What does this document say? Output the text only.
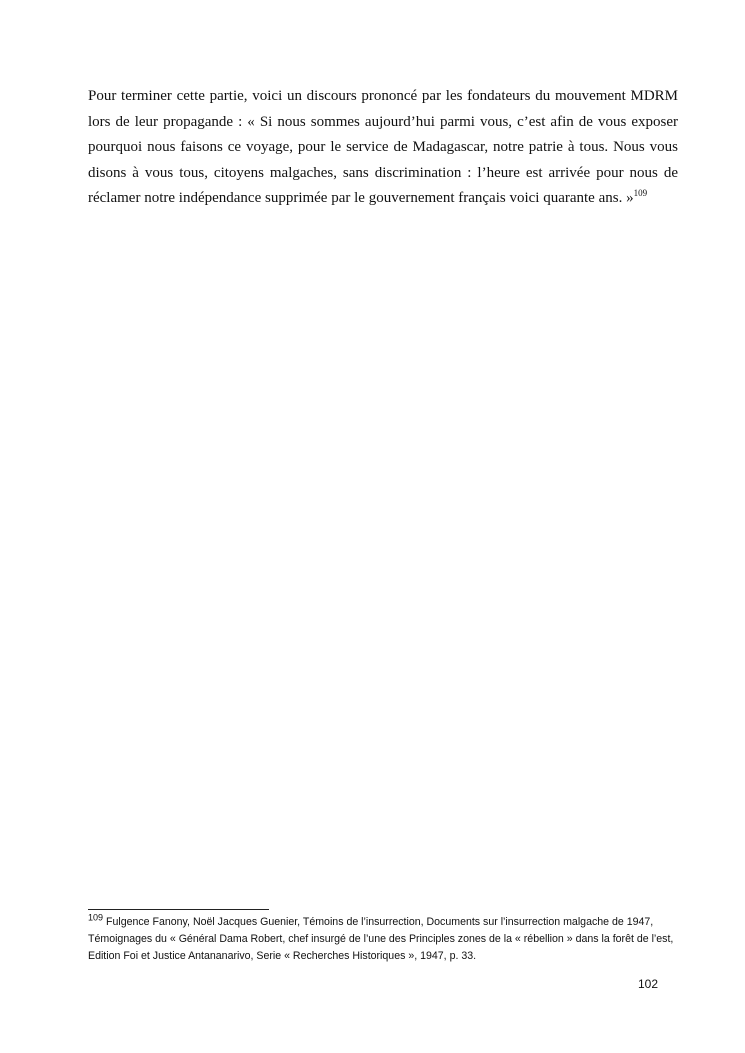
Pour terminer cette partie, voici un discours prononcé par les fondateurs du mouvement MDRM lors de leur propagande : « Si nous sommes aujourd’hui parmi vous, c’est afin de vous exposer pourquoi nous faisons ce voyage, pour le service de Madagascar, notre patrie à tous. Nous vous disons à vous tous, citoyens malgaches, sans discrimination : l’heure est arrivée pour nous de réclamer notre indépendance supprimée par le gouvernement français voici quarante ans. »$^{109}$

$^{109}$ Fulgence Fanony, Noël Jacques Guenier, Témoins de l’insurrection, Documents sur l’insurrection malgache de 1947, Témoignages du « Général Dama Robert, chef insurgé de l’une des Principles zones de la « rébellion » dans la forêt de l’est, Edition Foi et Justice Antananarivo, Serie « Recherches Historiques », 1947, p. 33.

102
